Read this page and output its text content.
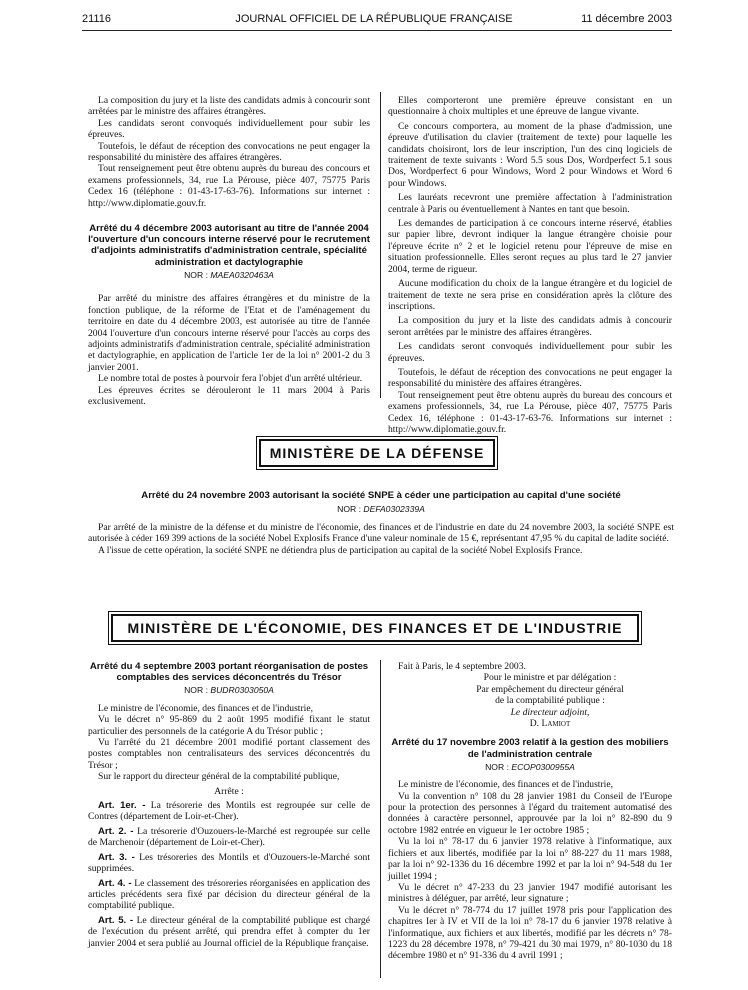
21116	JOURNAL OFFICIEL DE LA RÉPUBLIQUE FRANÇAISE	11 décembre 2003

La composition du jury et la liste des candidats admis à concourir sont arrêtées par le ministre des affaires étrangères.

Les candidats seront convoqués individuellement pour subir les épreuves.

Toutefois, le défaut de réception des convocations ne peut engager la responsabilité du ministère des affaires étrangères.

Tout renseignement peut être obtenu auprès du bureau des concours et examens professionnels, 34, rue La Pérouse, pièce 407, 75775 Paris Cedex 16 (téléphone : 01-43-17-63-76). Informations sur internet : http://www.diplomatie.gouv.fr.

Arrêté du 4 décembre 2003 autorisant au titre de l'année 2004 l'ouverture d'un concours interne réservé pour le recrutement d'adjoints administratifs d'administration centrale, spécialité administration et dactylographie

NOR : MAEA0320463A

Par arrêté du ministre des affaires étrangères et du ministre de la fonction publique, de la réforme de l'Etat et de l'aménagement du territoire en date du 4 décembre 2003, est autorisée au titre de l'année 2004 l'ouverture d'un concours interne réservé pour l'accès au corps des adjoints administratifs d'administration centrale, spécialité administration et dactylographie, en application de l'article 1er de la loi n° 2001-2 du 3 janvier 2001.

Le nombre total de postes à pourvoir fera l'objet d'un arrêté ultérieur.

Les épreuves écrites se dérouleront le 11 mars 2004 à Paris exclusivement.

Elles comporteront une première épreuve consistant en un questionnaire à choix multiples et une épreuve de langue vivante.

Ce concours comportera, au moment de la phase d'admission, une épreuve d'utilisation du clavier (traitement de texte) pour laquelle les candidats choisiront, lors de leur inscription, l'un des cinq logiciels de traitement de texte suivants : Word 5.5 sous Dos, Wordperfect 5.1 sous Dos, Wordperfect 6 pour Windows, Word 2 pour Windows et Word 6 pour Windows.

Les lauréats recevront une première affectation à l'administration centrale à Paris ou éventuellement à Nantes en tant que besoin.

Les demandes de participation à ce concours interne réservé, établies sur papier libre, devront indiquer la langue étrangère choisie pour l'épreuve écrite n° 2 et le logiciel retenu pour l'épreuve de mise en situation professionnelle. Elles seront reçues au plus tard le 27 janvier 2004, terme de rigueur.

Aucune modification du choix de la langue étrangère et du logiciel de traitement de texte ne sera prise en considération après la clôture des inscriptions.

La composition du jury et la liste des candidats admis à concourir seront arrêtées par le ministre des affaires étrangères.

Les candidats seront convoqués individuellement pour subir les épreuves.

Toutefois, le défaut de réception des convocations ne peut engager la responsabilité du ministère des affaires étrangères.

Tout renseignement peut être obtenu auprès du bureau des concours et examens professionnels, 34, rue La Pérouse, pièce 407, 75775 Paris Cedex 16, téléphone : 01-43-17-63-76. Informations sur internet : http://www.diplomatie.gouv.fr.

MINISTÈRE DE LA DÉFENSE

Arrêté du 24 novembre 2003 autorisant la société SNPE à céder une participation au capital d'une société

NOR : DEFA0302339A

Par arrêté de la ministre de la défense et du ministre de l'économie, des finances et de l'industrie en date du 24 novembre 2003, la société SNPE est autorisée à céder 169 399 actions de la société Nobel Explosifs France d'une valeur nominale de 15 €, représentant 47,95 % du capital de ladite société.

A l'issue de cette opération, la société SNPE ne détiendra plus de participation au capital de la société Nobel Explosifs France.

MINISTÈRE DE L'ÉCONOMIE, DES FINANCES ET DE L'INDUSTRIE

Arrêté du 4 septembre 2003 portant réorganisation de postes comptables des services déconcentrés du Trésor

NOR : BUDR0303050A

Le ministre de l'économie, des finances et de l'industrie,

Vu le décret n° 95-869 du 2 août 1995 modifié fixant le statut particulier des personnels de la catégorie A du Trésor public ;

Vu l'arrêté du 21 décembre 2001 modifié portant classement des postes comptables non centralisateurs des services déconcentrés du Trésor ;

Sur le rapport du directeur général de la comptabilité publique,

Arrête :

Art. 1er. - La trésorerie des Montils est regroupée sur celle de Contres (département de Loir-et-Cher).

Art. 2. - La trésorerie d'Ouzouers-le-Marché est regroupée sur celle de Marchenoir (département de Loir-et-Cher).

Art. 3. - Les trésoreries des Montils et d'Ouzouers-le-Marché sont supprimées.

Art. 4. - Le classement des trésoreries réorganisées en application des articles précédents sera fixé par décision du directeur général de la comptabilité publique.

Art. 5. - Le directeur général de la comptabilité publique est chargé de l'exécution du présent arrêté, qui prendra effet à compter du 1er janvier 2004 et sera publié au Journal officiel de la République française.

Fait à Paris, le 4 septembre 2003.

Pour le ministre et par délégation :
Par empêchement du directeur général
de la comptabilité publique :
Le directeur adjoint,
D. Lamiot

Arrêté du 17 novembre 2003 relatif à la gestion des mobiliers de l'administration centrale

NOR : ECOP0300955A

Le ministre de l'économie, des finances et de l'industrie,

Vu la convention n° 108 du 28 janvier 1981 du Conseil de l'Europe pour la protection des personnes à l'égard du traitement automatisé des données à caractère personnel, approuvée par la loi n° 82-890 du 9 octobre 1982 entrée en vigueur le 1er octobre 1985 ;

Vu la loi n° 78-17 du 6 janvier 1978 relative à l'informatique, aux fichiers et aux libertés, modifiée par la loi n° 88-227 du 11 mars 1988, par la loi n° 92-1336 du 16 décembre 1992 et par la loi n° 94-548 du 1er juillet 1994 ;

Vu le décret n° 47-233 du 23 janvier 1947 modifié autorisant les ministres à déléguer, par arrêté, leur signature ;

Vu le décret n° 78-774 du 17 juillet 1978 pris pour l'application des chapitres Ier à IV et VII de la loi n° 78-17 du 6 janvier 1978 relative à l'informatique, aux fichiers et aux libertés, modifié par les décrets n° 78-1223 du 28 décembre 1978, n° 79-421 du 30 mai 1979, n° 80-1030 du 18 décembre 1980 et n° 91-336 du 4 avril 1991 ;
